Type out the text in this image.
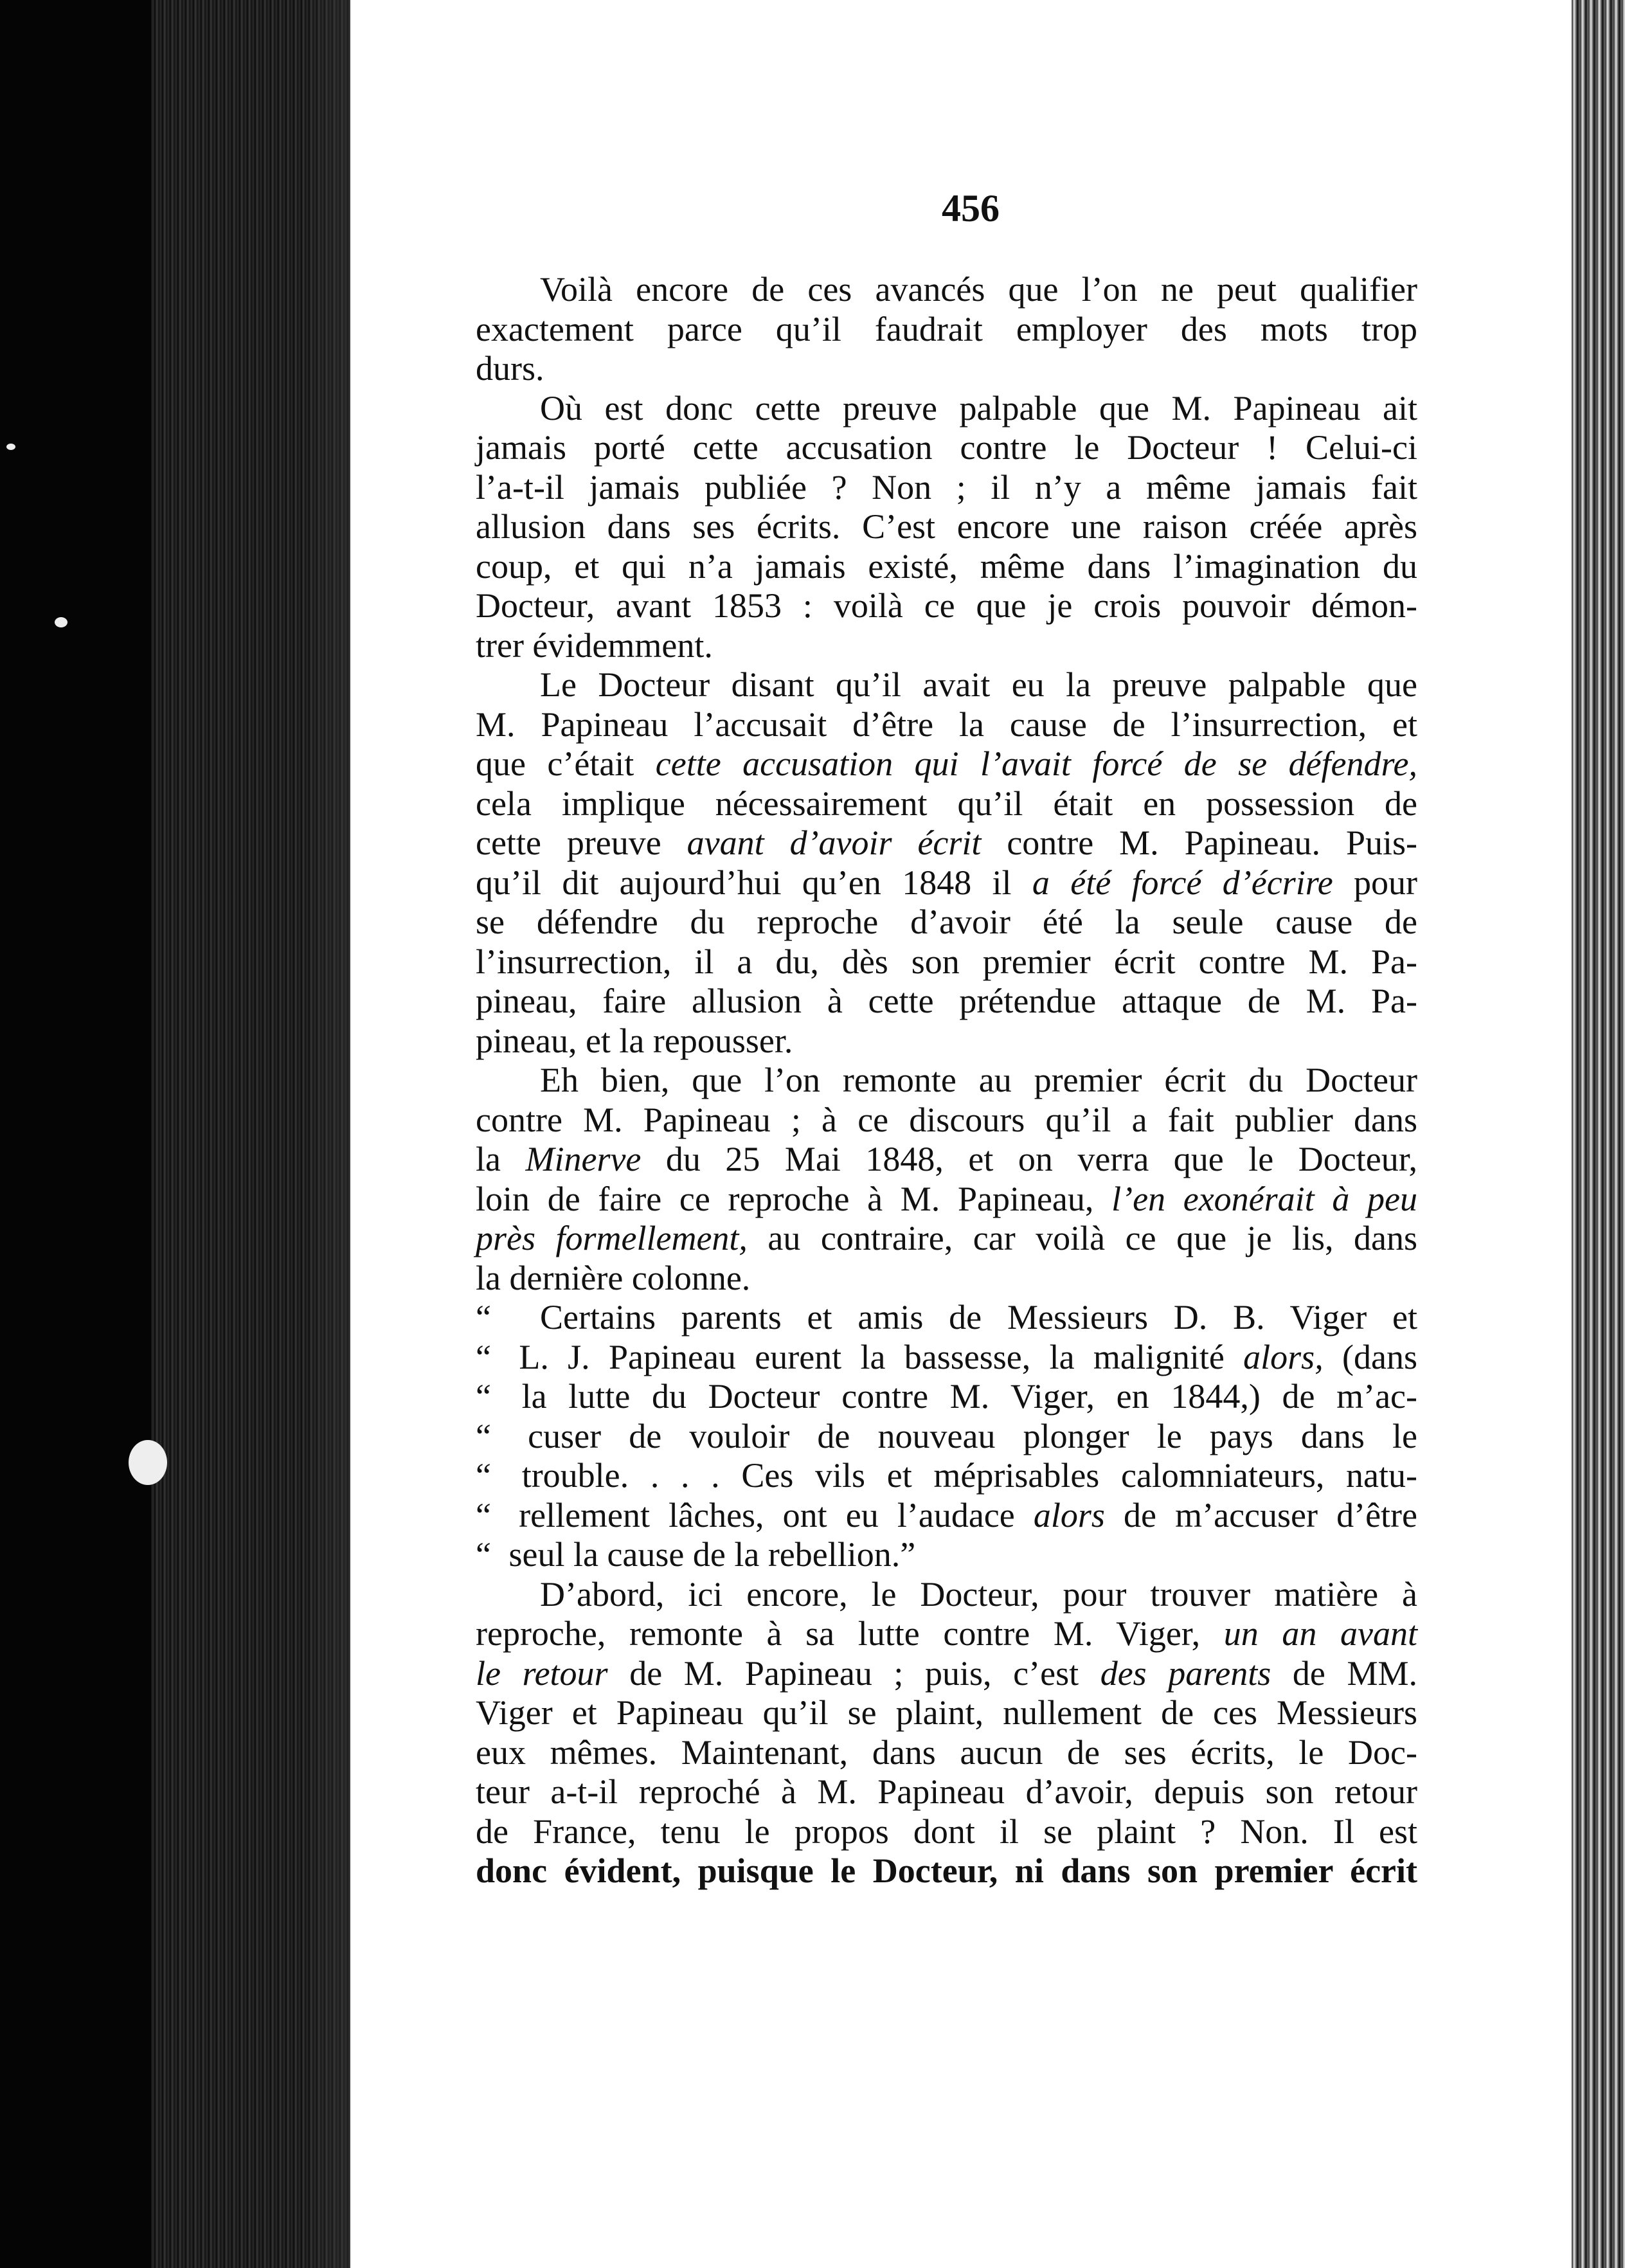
456
Voilà encore de ces avancés que l’on ne peut qualifier
exactement parce qu’il faudrait employer des mots trop
durs.
Où est donc cette preuve palpable que M. Papineau ait
jamais porté cette accusation contre le Docteur ! Celui-ci
l’a-t-il jamais publiée ? Non ; il n’y a même jamais fait
allusion dans ses écrits. C’est encore une raison créée après
coup, et qui n’a jamais existé, même dans l’imagination du
Docteur, avant 1853 : voilà ce que je crois pouvoir démon-
trer évidemment.
Le Docteur disant qu’il avait eu la preuve palpable que
M. Papineau l’accusait d’être la cause de l’insurrection, et
que c’était cette accusation qui l’avait forcé de se défendre,
cela implique nécessairement qu’il était en possession de
cette preuve avant d’avoir écrit contre M. Papineau. Puis-
qu’il dit aujourd’hui qu’en 1848 il a été forcé d’écrire pour
se défendre du reproche d’avoir été la seule cause de
l’insurrection, il a du, dès son premier écrit contre M. Pa-
pineau, faire allusion à cette prétendue attaque de M. Pa-
pineau, et la repousser.
Eh bien, que l’on remonte au premier écrit du Docteur
contre M. Papineau ; à ce discours qu’il a fait publier dans
la Minerve du 25 Mai 1848, et on verra que le Docteur,
loin de faire ce reproche à M. Papineau, l’en exonérait à peu
près formellement, au contraire, car voilà ce que je lis, dans
la dernière colonne.
“ Certains parents et amis de Messieurs D. B. Viger et
“ L. J. Papineau eurent la bassesse, la malignité alors, (dans
“ la lutte du Docteur contre M. Viger, en 1844,) de m’ac-
“ cuser de vouloir de nouveau plonger le pays dans le
“ trouble. . . . Ces vils et méprisables calomniateurs, natu-
“ rellement lâches, ont eu l’audace alors de m’accuser d’être
“ seul la cause de la rebellion.”
D’abord, ici encore, le Docteur, pour trouver matière à
reproche, remonte à sa lutte contre M. Viger, un an avant
le retour de M. Papineau ; puis, c’est des parents de MM.
Viger et Papineau qu’il se plaint, nullement de ces Messieurs
eux mêmes. Maintenant, dans aucun de ses écrits, le Doc-
teur a-t-il reproché à M. Papineau d’avoir, depuis son retour
de France, tenu le propos dont il se plaint ? Non. Il est
donc évident, puisque le Docteur, ni dans son premier écrit
